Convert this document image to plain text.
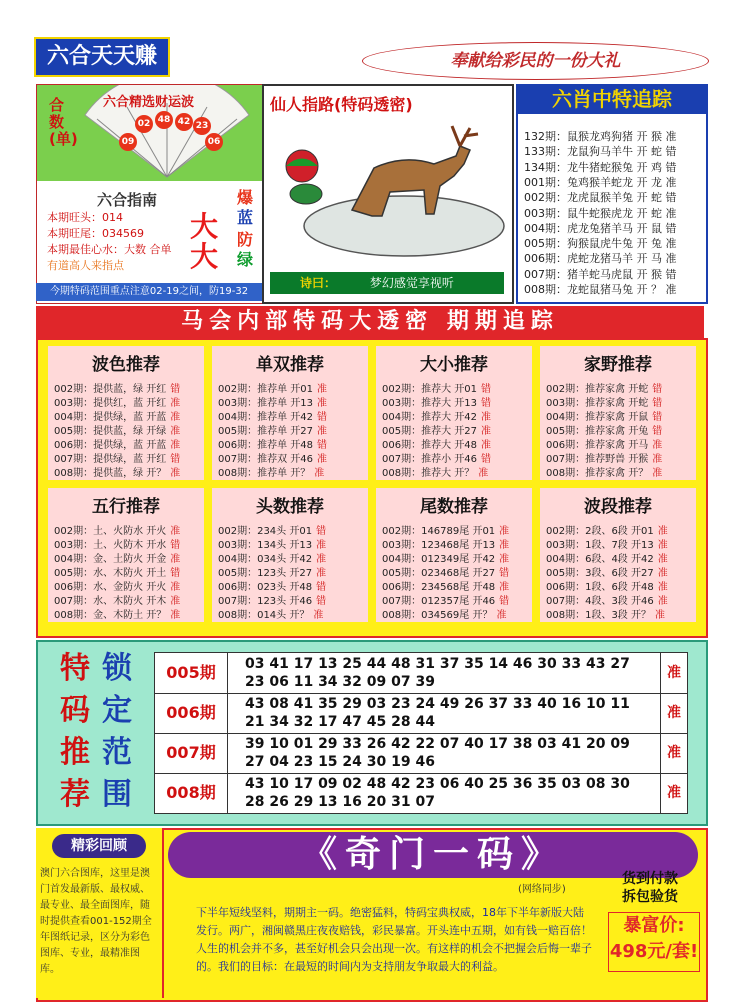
六合天天赚	奉献给彩民的一份大礼
六合精选财运波
合数(单)	09
02 48 42 23
06
六合指南
本期旺头：014
本期旺尾：034569
本期最佳心水：大数 合单
有道高人来指点
大
大
爆
蓝
防
绿
今期特码范围重点注意02-19之间，防19-32
仙人指路(特码透密)
诗曰：	梦幻感觉享视听
六肖中特追踪
132期：鼠猴龙鸡狗猪 开 猴 准
133期：龙鼠狗马羊牛 开 蛇 错
134期：龙牛猪蛇猴兔 开 鸡 错
001期：兔鸡猴羊蛇龙 开 龙 准
002期：龙虎鼠猴羊兔 开 蛇 错
003期：鼠牛蛇猴虎龙 开 蛇 准
004期：虎龙兔猪羊马 开 鼠 错
005期：狗猴鼠虎牛兔 开 兔 准
006期：虎蛇龙猪马羊 开 马 准
007期：猪羊蛇马虎鼠 开 猴 错
008期：龙蛇鼠猪马兔 开 ？ 准
马会内部特码大透密 期期追踪
波色推荐
002期：提供蓝，绿 开红 错
003期：提供红，蓝 开红 准
004期：提供绿，蓝 开蓝 准
005期：提供蓝，绿 开绿 准
006期：提供绿，蓝 开蓝 准
007期：提供绿，蓝 开红 错
008期：提供蓝，绿 开？ 准
单双推荐
002期：推荐单 开01 准
003期：推荐单 开13 准
004期：推荐单 开42 错
005期：推荐单 开27 准
006期：推荐单 开48 错
007期：推荐双 开46 准
008期：推荐单 开？ 准
大小推荐
002期：推荐大 开01 错
003期：推荐大 开13 错
004期：推荐大 开42 准
005期：推荐大 开27 准
006期：推荐大 开48 准
007期：推荐小 开46 错
008期：推荐大 开？ 准
家野推荐
002期：推荐家禽 开蛇 错
003期：推荐家禽 开蛇 错
004期：推荐家禽 开鼠 错
005期：推荐家禽 开兔 错
006期：推荐家禽 开马 准
007期：推荐野兽 开猴 准
008期：推荐家禽 开？ 准
五行推荐
002期：土、火防水 开火 准
003期：土、火防木 开水 错
004期：金、土防火 开金 准
005期：水、木防火 开土 错
006期：水、金防火 开火 准
007期：水、木防火 开木 准
008期：金、木防土 开？ 准
头数推荐
002期：234头 开01 错
003期：134头 开13 准
004期：034头 开42 准
005期：123头 开27 准
006期：023头 开48 错
007期：123头 开46 错
008期：014头 开？ 准
尾数推荐
002期：146789尾 开01 准
003期：123468尾 开13 准
004期：012349尾 开42 准
005期：023468尾 开27 错
006期：234568尾 开48 准
007期：012357尾 开46 错
008期：034569尾 开？ 准
波段推荐
002期：2段、6段 开01 准
003期：1段、7段 开13 准
004期：6段、4段 开42 准
005期：3段、6段 开27 准
006期：1段、6段 开48 准
007期：4段、3段 开46 准
008期：1段、3段 开？ 准
特 锁
码 定
推 范
荐 围
005期	03 41 17 13 25 44 48 31 37 35 14 46 30 33 43 27
23 06 11 34 32 09 07 39
准
006期	43 08 41 35 29 03 23 24 49 26 37 33 40 16 10 11
21 34 32 17 47 45 28 44
准
007期	39 10 01 29 33 26 42 22 07 40 17 38 03 41 20 09
27 04 23 15 24 30 19 46
准
008期	43 10 17 09 02 48 42 23 06 40 25 36 35 03 08 30
28 26 29 13 16 20 31 07
准
精彩回顾
澳门六合图库，这里是澳门首发最新版、最权威、最专业、最全面图库，随时提供查看001-152期全年图纸记录，区分为彩色图库、专业，最精准图库。
《奇门一码》
(网络同步)
下半年短线坚料，期期主一码。绝密猛料，特码宝典权威，18年下半年新版大陆发行。两广，湘闽赣黑庄夜夜赔钱，彩民暴富。开头连中五期，如有钱一赔百倍！人生的机会并不多，甚至好机会只会出现一次。有这样的机会不把握会后悔一辈子的。我们的目标：在最短的时间内为支持朋友争取最大的利益。
货到付款
拆包验货
暴富价:
498元/套!
